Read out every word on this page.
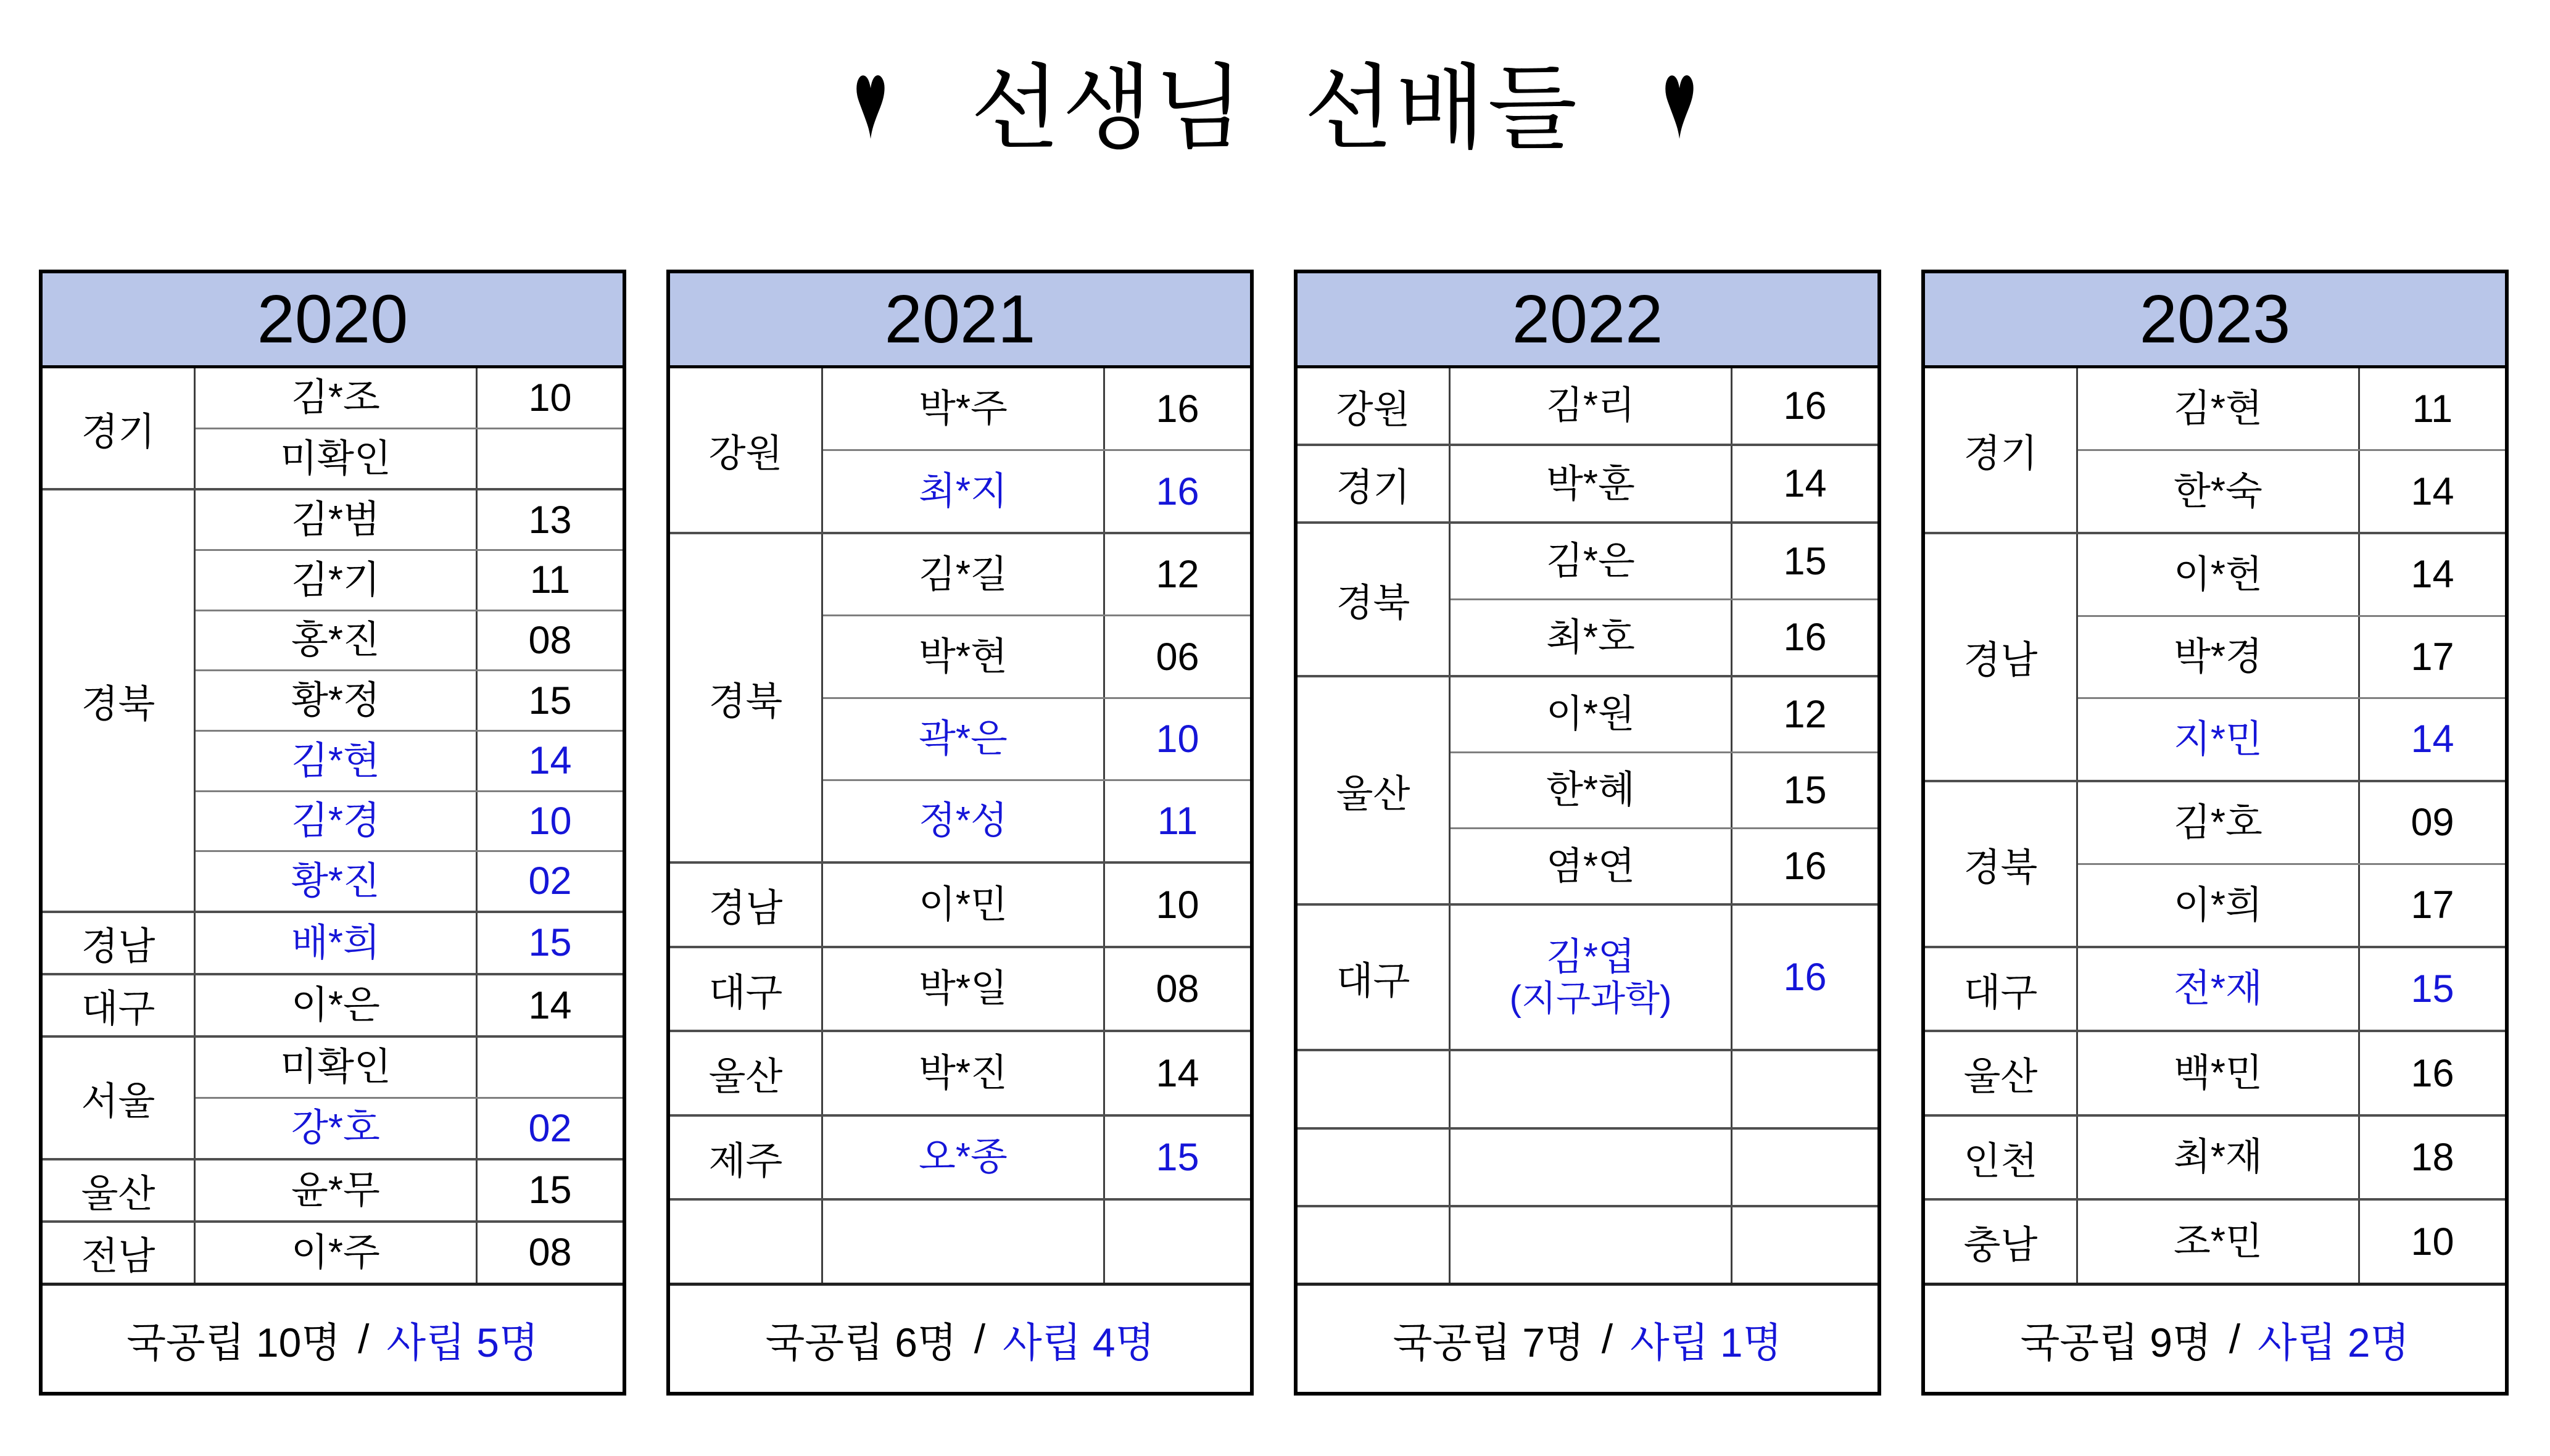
♥ 선생님 선배들 ♥
2020
경기
김*조	10
미확인
경북
김*범	13
김*기	11
홍*진	08
황*정	15
김*현	14
김*경	10
황*진	02
경남	배*희	15
대구	이*은	14
서울
미확인
강*호	02
울산	윤*무	15
전남	이*주	08
국공립 10명 / 사립 5명
2021
강원
박*주	16
최*지	16
경북
김*길	12
박*현	06
곽*은	10
정*성	11
경남	이*민	10
대구	박*일	08
울산	박*진	14
제주	오*종	15
국공립 6명 / 사립 4명
2022
강원	김*리	16
경기	박*훈	14
경북
김*은	15
최*호	16
울산
이*원	12
한*혜	15
염*연	16
대구
김*엽
(지구과학)	16
국공립 7명 / 사립 1명
2023
경기
김*현	11
한*숙	14
경남
이*헌	14
박*경	17
지*민	14
경북
김*호	09
이*희	17
대구	전*재	15
울산	백*민	16
인천	최*재	18
충남	조*민	10
국공립 9명 / 사립 2명
